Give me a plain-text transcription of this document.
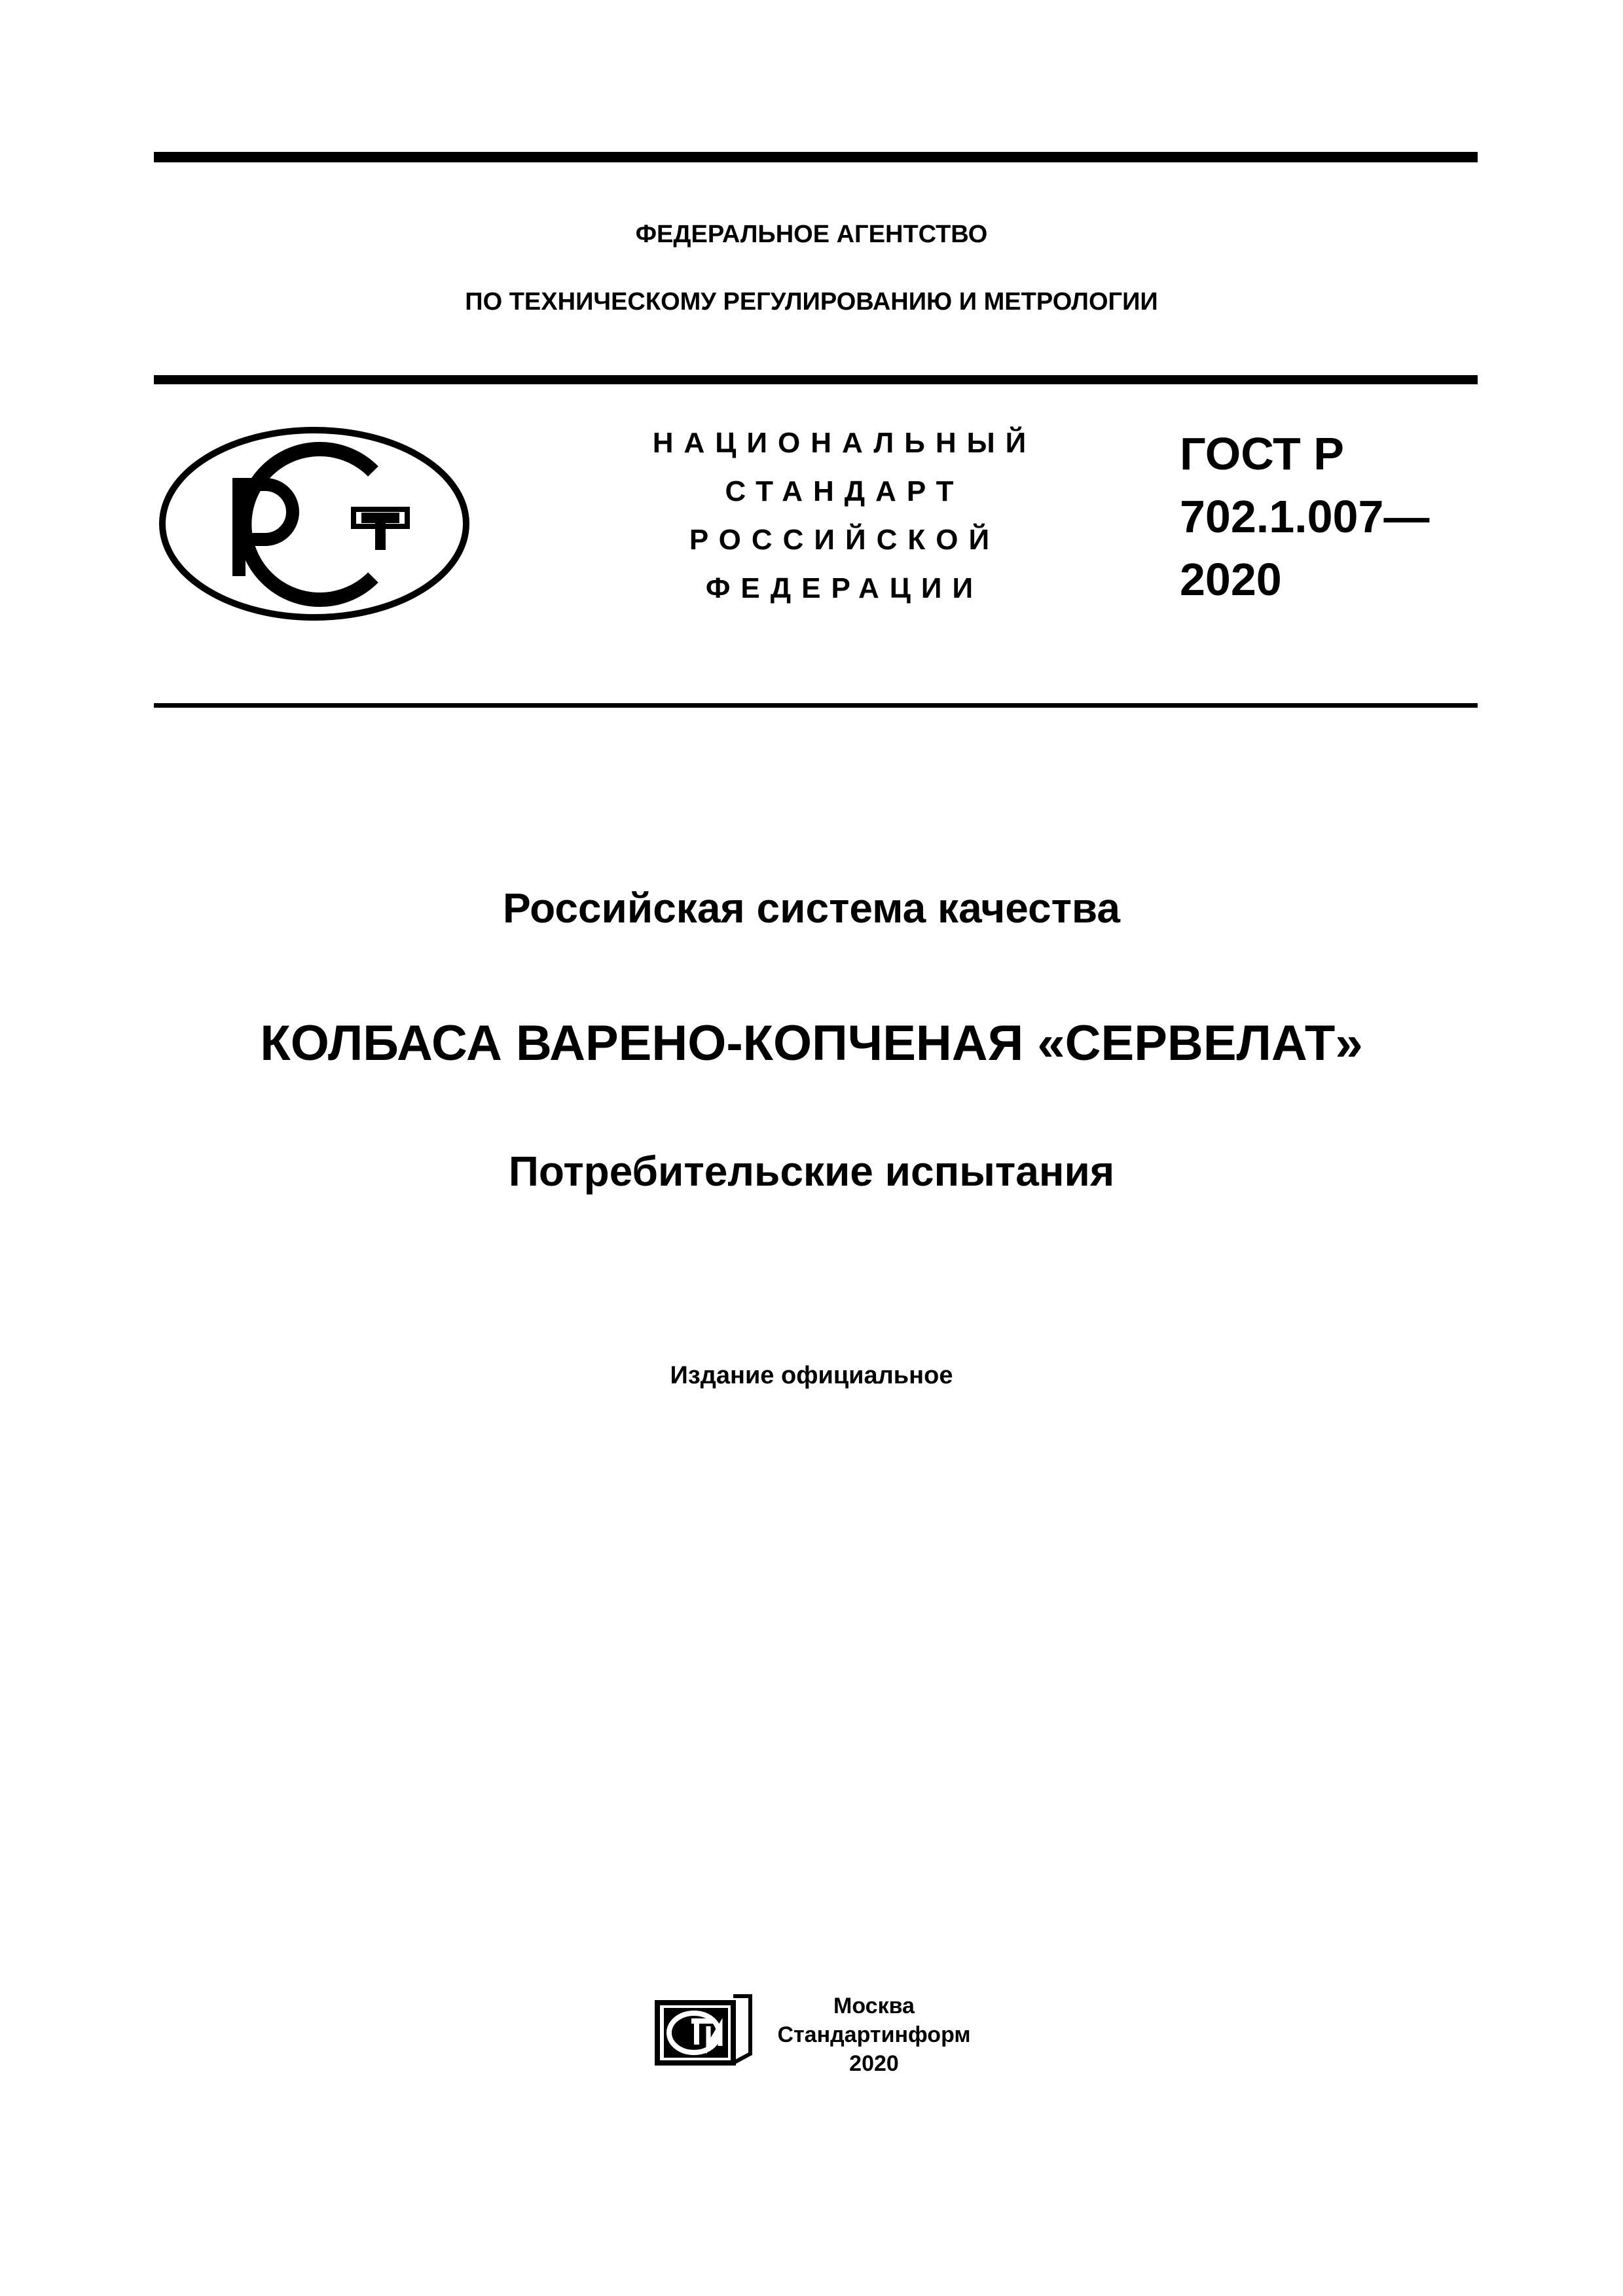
ФЕДЕРАЛЬНОЕ АГЕНТСТВО
ПО ТЕХНИЧЕСКОМУ РЕГУЛИРОВАНИЮ И МЕТРОЛОГИИ
НАЦИОНАЛЬНЫЙ
СТАНДАРТ
РОССИЙСКОЙ
ФЕДЕРАЦИИ
ГОСТ Р
702.1.007—
2020
Российская система качества
КОЛБАСА ВАРЕНО-КОПЧЕНАЯ «СЕРВЕЛАТ»
Потребительские испытания
Издание официальное
Москва
Стандартинформ
2020
